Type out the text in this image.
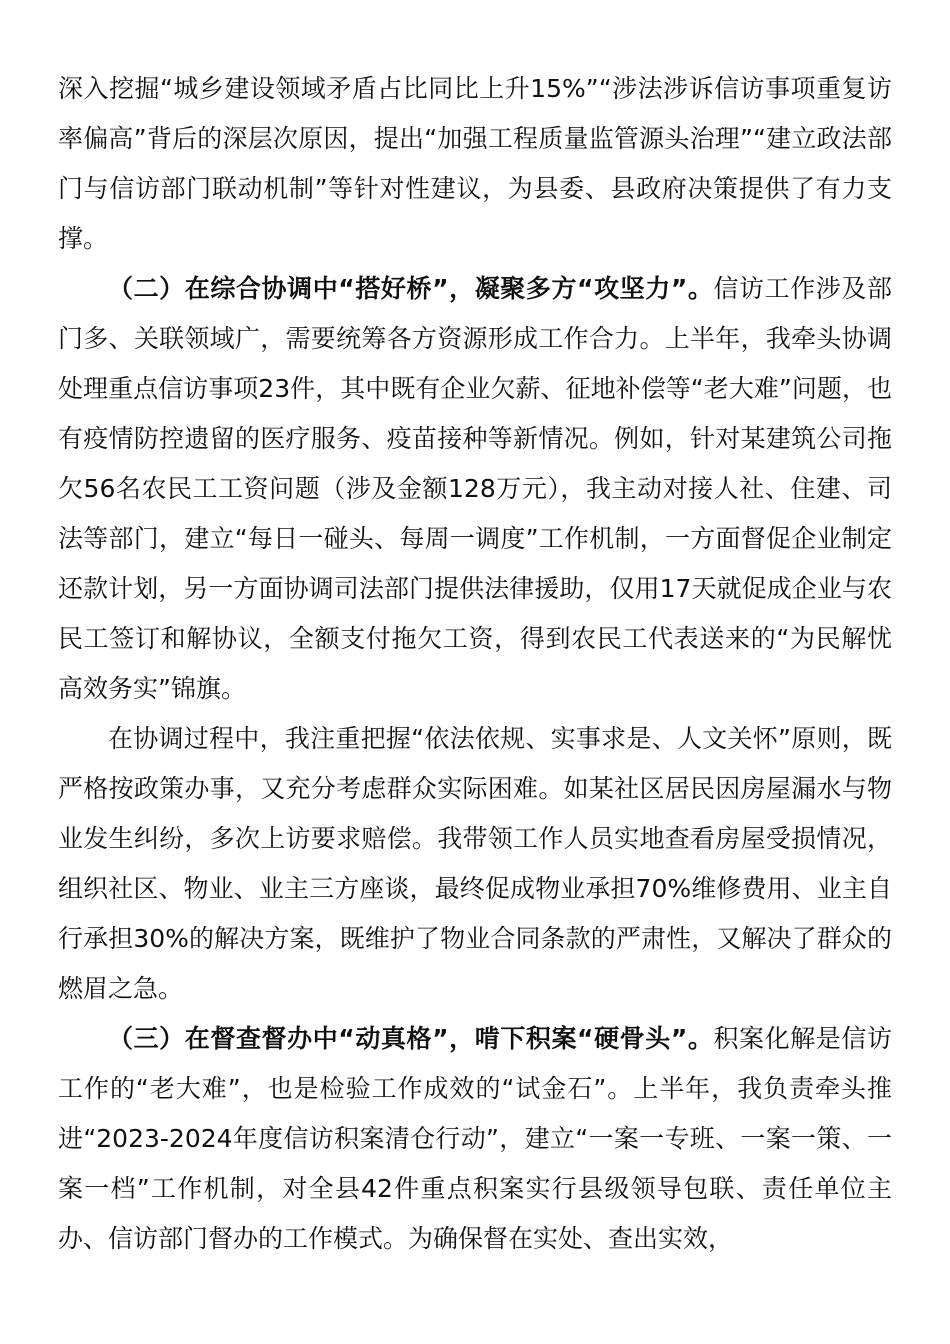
深入挖掘“城乡建设领域矛盾占比同比上升15%”“涉法涉诉信访事项重复访率偏高”背后的深层次原因，提出“加强工程质量监管源头治理”“建立政法部门与信访部门联动机制”等针对性建议，为县委、县政府决策提供了有力支撑。

（二）在综合协调中“搭好桥”，凝聚多方“攻坚力”。信访工作涉及部门多、关联领域广，需要统筹各方资源形成工作合力。上半年，我牵头协调处理重点信访事项23件，其中既有企业欠薪、征地补偿等“老大难”问题，也有疫情防控遗留的医疗服务、疫苗接种等新情况。例如，针对某建筑公司拖欠56名农民工工资问题（涉及金额128万元），我主动对接人社、住建、司法等部门，建立“每日一碰头、每周一调度”工作机制，一方面督促企业制定还款计划，另一方面协调司法部门提供法律援助，仅用17天就促成企业与农民工签订和解协议，全额支付拖欠工资，得到农民工代表送来的“为民解忧高效务实”锦旗。

在协调过程中，我注重把握“依法依规、实事求是、人文关怀”原则，既严格按政策办事，又充分考虑群众实际困难。如某社区居民因房屋漏水与物业发生纠纷，多次上访要求赔偿。我带领工作人员实地查看房屋受损情况，组织社区、物业、业主三方座谈，最终促成物业承担70%维修费用、业主自行承担30%的解决方案，既维护了物业合同条款的严肃性，又解决了群众的燃眉之急。

（三）在督查督办中“动真格”，啃下积案“硬骨头”。积案化解是信访工作的“老大难”，也是检验工作成效的“试金石”。上半年，我负责牵头推进“2023-2024年度信访积案清仓行动”，建立“一案一专班、一案一策、一案一档”工作机制，对全县42件重点积案实行县级领导包联、责任单位主办、信访部门督办的工作模式。为确保督在实处、查出实效，
